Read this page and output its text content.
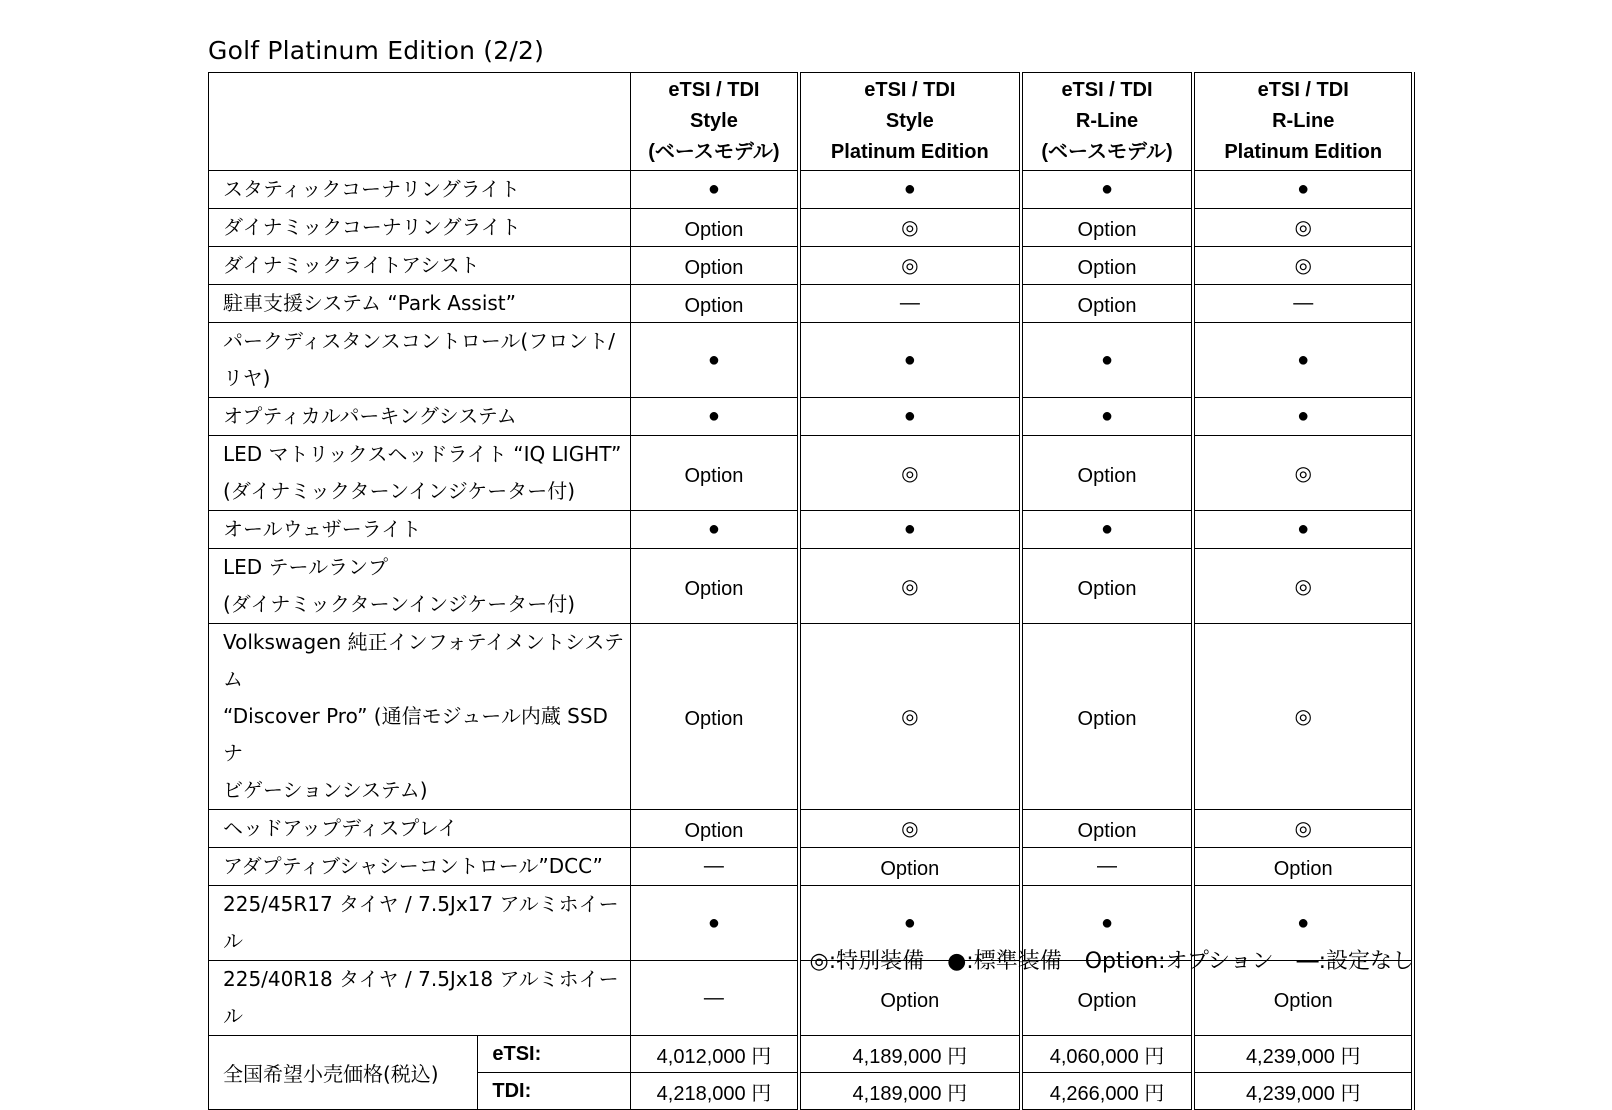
Golf Platinum Edition (2/2)

		eTSI / TDI
Style
(ベースモデル)	eTSI / TDI
Style
Platinum Edition	eTSI / TDI
R-Line
(ベースモデル)	eTSI / TDI
R-Line
Platinum Edition

スタティックコーナリングライト		●	●	●	●

ダイナミックコーナリングライト		Option	◎	Option	◎

ダイナミックライトアシスト		Option	◎	Option	◎

駐車支援システム “Park Assist”		Option	―	Option	―

パークディスタンスコントロール(フロント/リヤ)		●	●	●	●

オプティカルパーキングシステム		●	●	●	●

LED マトリックスヘッドライト “IQ LIGHT”
(ダイナミックターンインジケーター付)		Option	◎	Option	◎

オールウェザーライト		●	●	●	●

LED テールランプ
(ダイナミックターンインジケーター付)		Option	◎	Option	◎

Volkswagen 純正インフォテイメントシステム
“Discover Pro” (通信モジュール内蔵 SSD ナ
ビゲーションシステム)		Option	◎	Option	◎

ヘッドアップディスプレイ		Option	◎	Option	◎

アダプティブシャシーコントロール”DCC”		―	Option	―	Option

225/45R17 タイヤ / 7.5Jx17 アルミホイール		●	●	●	●

225/40R18 タイヤ / 7.5Jx18 アルミホイール		―	Option	Option	Option
全国希望小売価格(税込)	eTSI:	4,012,000 円	4,189,000 円	4,060,000 円	4,239,000 円
	TDI:	4,218,000 円	4,189,000 円	4,266,000 円	4,239,000 円
◎:特別装備 ●:標準装備 Option:オプション ―:設定なし
